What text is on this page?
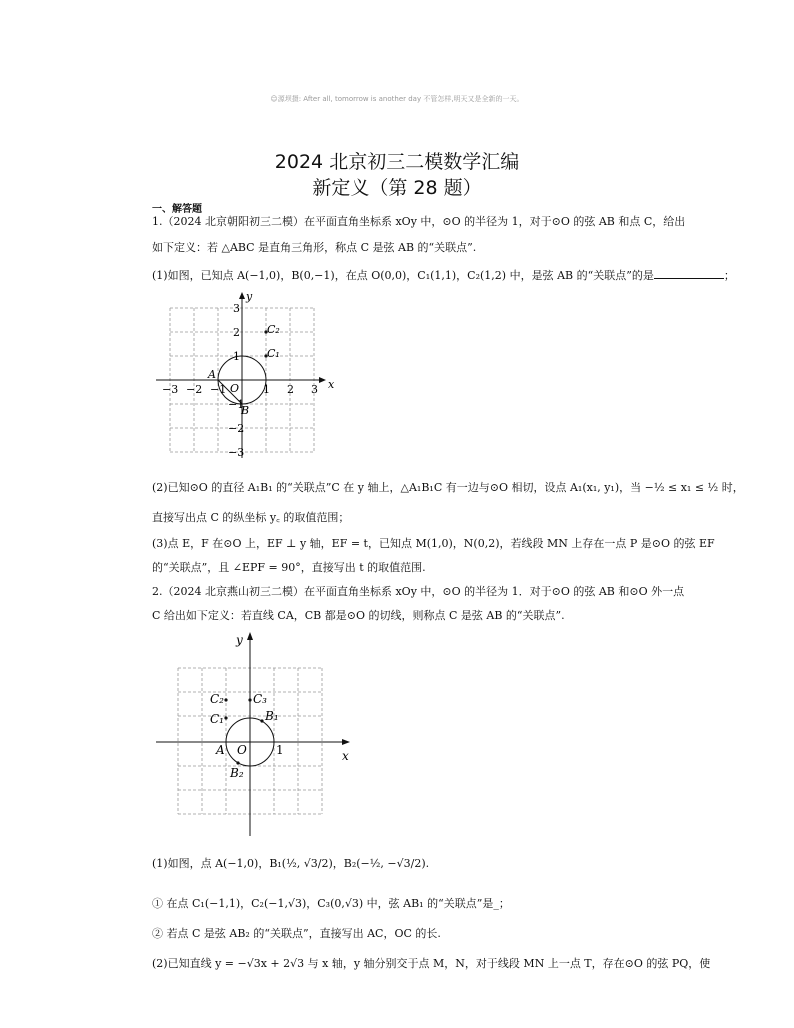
☺源坝摄: After all, tomorrow is another day 不管怎样,明天又是全新的一天。
2024 北京初三二模数学汇编
新定义（第 28 题）
一、解答题
1.（2024 北京朝阳初三二模）在平面直角坐标系 xOy 中，⊙O 的半径为 1，对于⊙O 的弦 AB 和点 C，给出
如下定义：若 △ABC 是直角三角形，称点 C 是弦 AB 的“关联点”.
(1)如图，已知点 A(−1,0)，B(0,−1)，在点 O(0,0)，C₁(1,1)，C₂(1,2) 中，是弦 AB 的“关联点”的是	；
x
y
O
A
B
C₁
C₂
−3 −2 −1	1 2 3
3
2
1
−1
−2
−3
(2)已知⊙O 的直径 A₁B₁ 的“关联点”C 在 y 轴上，△A₁B₁C 有一边与⊙O 相切，设点 A₁(x₁, y₁)，当 −½ ≤ x₁ ≤ ½ 时，
直接写出点 C 的纵坐标 y꜀ 的取值范围；
(3)点 E，F 在⊙O 上，EF ⊥ y 轴，EF = t，已知点 M(1,0)，N(0,2)，若线段 MN 上存在一点 P 是⊙O 的弦 EF
的“关联点”，且 ∠EPF = 90°，直接写出 t 的取值范围.
2.（2024 北京燕山初三二模）在平面直角坐标系 xOy 中，⊙O 的半径为 1．对于⊙O 的弦 AB 和⊙O 外一点
C 给出如下定义：若直线 CA，CB 都是⊙O 的切线，则称点 C 是弦 AB 的“关联点”.
x
y
O
A
B₁
B₂
C₁
C₂ C₃
1
(1)如图，点 A(−1,0)，B₁(½, √3/2)，B₂(−½, −√3/2).
① 在点 C₁(−1,1)，C₂(−1,√3)，C₃(0,√3) 中，弦 AB₁ 的“关联点”是_；
② 若点 C 是弦 AB₂ 的“关联点”，直接写出 AC，OC 的长.
(2)已知直线 y = −√3x + 2√3 与 x 轴，y 轴分别交于点 M，N，对于线段 MN 上一点 T，存在⊙O 的弦 PQ，使
